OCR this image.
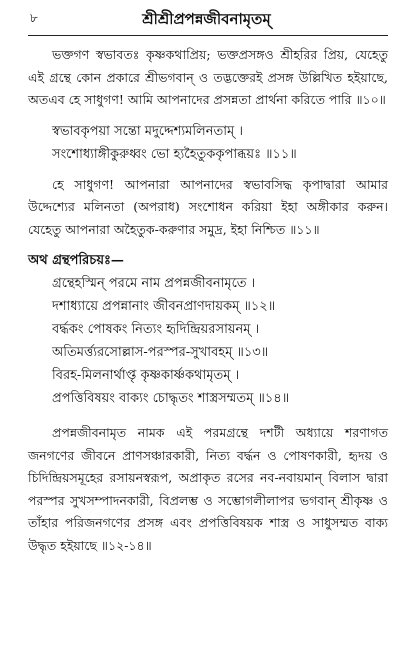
৮	শ্রীশ্রীপ্রপন্নজীবনামৃতম্

ভক্তগণ স্বভাবতঃ কৃষ্ণকথাপ্রিয়; ভক্তপ্রসঙ্গও শ্রীহরির প্রিয়, যেহেতু এই গ্রন্থে কোন প্রকারে শ্রীভগবান্ ও তদ্ভক্তেরই প্রসঙ্গ উল্লিখিত হইয়াছে, অতএব হে সাধুগণ! আমি আপনাদের প্রসন্নতা প্রার্থনা করিতে পারি ॥১০॥

স্বভাবকৃপয়া সন্তো মদুদ্দেশ্যমলিনতাম্ ।
সংশোধ্যাঙ্গীকুরুধ্বং ভো হ্যহৈতুককৃপাব্ধয়ঃ ॥১১॥

হে সাধুগণ! আপনারা আপনাদের স্বভাবসিদ্ধ কৃপাদ্বারা আমার উদ্দেশ্যের মলিনতা (অপরাধ) সংশোধন করিয়া ইহা অঙ্গীকার করুন। যেহেতু আপনারা অহৈতুক-করুণার সমুদ্র, ইহা নিশ্চিত ॥১১॥

অথ গ্রন্থপরিচয়ঃ—
গ্রন্থেহস্মিন্ পরমে নাম প্রপন্নজীবনামৃতে ।
দশাধ্যায়ে প্রপন্নানাং জীবনপ্রাণদায়কম্ ॥১২॥
বর্দ্ধকং পোষকং নিত্যং হৃদিন্দ্রিয়রসায়নম্ ।
অতিমর্ত্ত্যরসোল্লাস-পরস্পর-সুখাবহম্ ॥১৩॥
বিরহ-মিলনার্থাপ্তৃ কৃষ্ণকার্ষ্ণকথামৃতম্ ।
প্রপত্তিবিষয়ং বাক্যং চোদ্ধৃতং শাস্ত্রসম্মতম্ ॥১৪॥

প্রপন্নজীবনামৃত নামক এই পরমগ্রন্থে দশটী অধ্যায়ে শরণাগত জনগণের জীবনে প্রাণসঞ্চারকারী, নিত্য বর্দ্ধন ও পোষণকারী, হৃদয় ও চিদিন্দ্রিয়সমূহের রসায়নস্বরূপ, অপ্রাকৃত রসের নব-নবায়মান্ বিলাস দ্বারা পরস্পর সুখসম্পাদনকারী, বিপ্রলম্ভ ও সম্ভোগলীলাপর ভগবান্ শ্রীকৃষ্ণ ও তাঁহার পরিজনগণের প্রসঙ্গ এবং প্রপত্তিবিষয়ক শাস্ত্র ও সাধুসম্মত বাক্য উদ্ধৃত হইয়াছে ॥১২-১৪॥
